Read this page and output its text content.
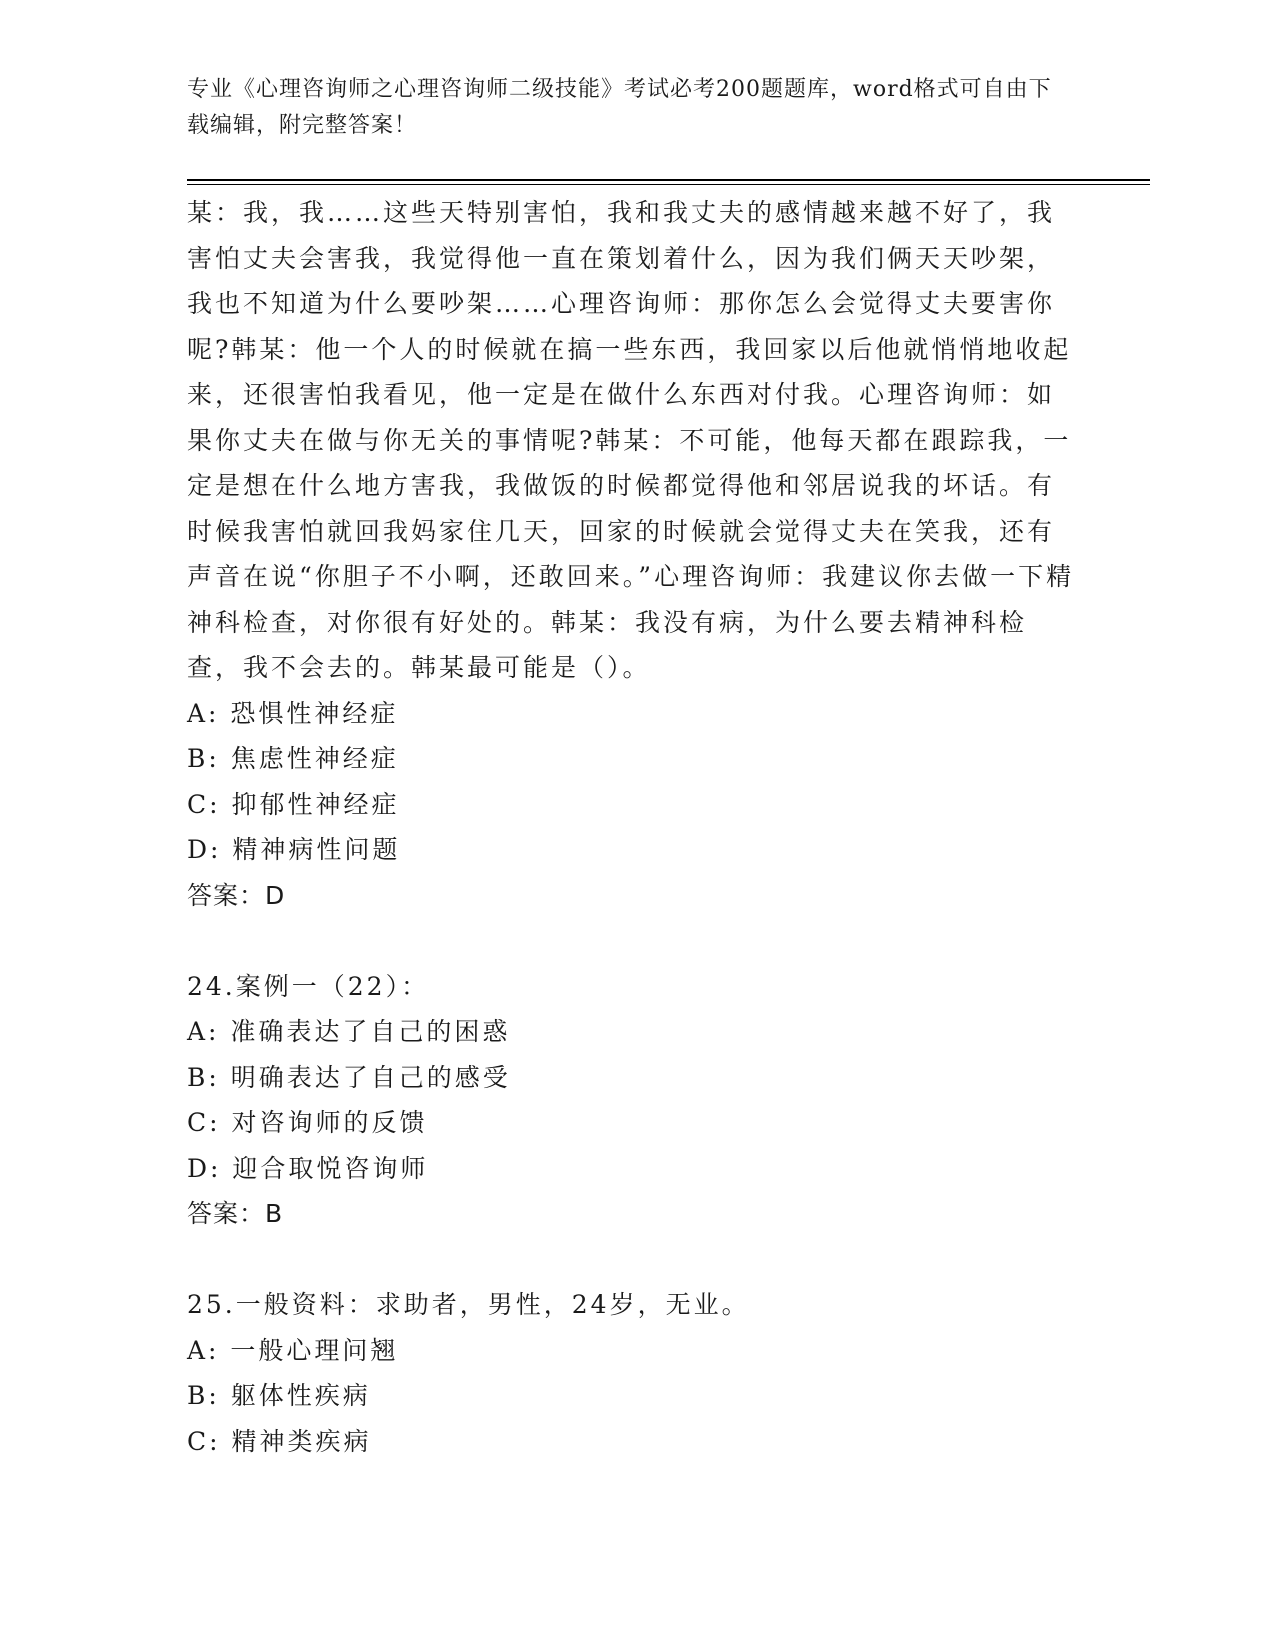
专业《心理咨询师之心理咨询师二级技能》考试必考200题题库，word格式可自由下载编辑，附完整答案！

某：我，我……这些天特别害怕，我和我丈夫的感情越来越不好了，我害怕丈夫会害我，我觉得他一直在策划着什么，因为我们俩天天吵架，我也不知道为什么要吵架……心理咨询师：那你怎么会觉得丈夫要害你呢?韩某：他一个人的时候就在搞一些东西，我回家以后他就悄悄地收起来，还很害怕我看见，他一定是在做什么东西对付我。心理咨询师：如果你丈夫在做与你无关的事情呢?韩某：不可能，他每天都在跟踪我，一定是想在什么地方害我，我做饭的时候都觉得他和邻居说我的坏话。有时候我害怕就回我妈家住几天，回家的时候就会觉得丈夫在笑我，还有声音在说“你胆子不小啊，还敢回来。”心理咨询师：我建议你去做一下精神科检查，对你很有好处的。韩某：我没有病，为什么要去精神科检查，我不会去的。韩某最可能是（）。

A: 恐惧性神经症

B: 焦虑性神经症

C: 抑郁性神经症

D: 精神病性问题

答案：D

24.案例一（22）：

A: 准确表达了自己的困惑

B: 明确表达了自己的感受

C: 对咨询师的反馈

D: 迎合取悦咨询师

答案：B

25.一般资料：求助者，男性，24岁，无业。

A: 一般心理问翘

B: 躯体性疾病

C: 精神类疾病
